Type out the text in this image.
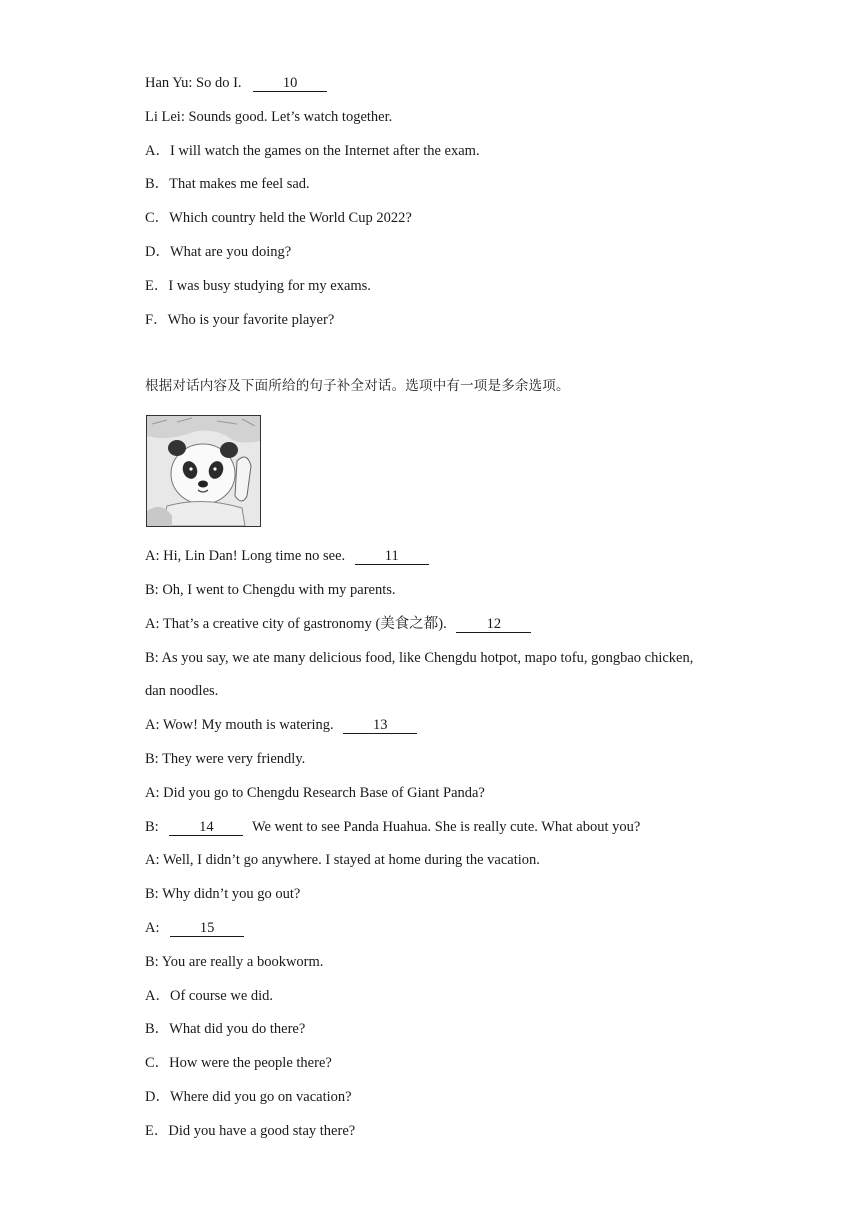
Han Yu: So do I.	10
Li Lei: Sounds good. Let’s watch together.
A．I will watch the games on the Internet after the exam.
B．That makes me feel sad.
C．Which country held the World Cup 2022?
D．What are you doing?
E．I was busy studying for my exams.
F．Who is your favorite player?
根据对话内容及下面所给的句子补全对话。选项中有一项是多余选项。
A: Hi, Lin Dan! Long time no see.	11
B: Oh, I went to Chengdu with my parents.
A: That’s a creative city of gastronomy (美食之都).	12
B: As you say, we ate many delicious food, like Chengdu hotpot, mapo tofu, gongbao chicken,
dan noodles.
A: Wow! My mouth is watering.	13
B: They were very friendly.
A: Did you go to Chengdu Research Base of Giant Panda?
B:	14	We went to see Panda Huahua. She is really cute. What about you?
A: Well, I didn’t go anywhere. I stayed at home during the vacation.
B: Why didn’t you go out?
A:	15
B: You are really a bookworm.
A．Of course we did.
B．What did you do there?
C．How were the people there?
D．Where did you go on vacation?
E．Did you have a good stay there?
